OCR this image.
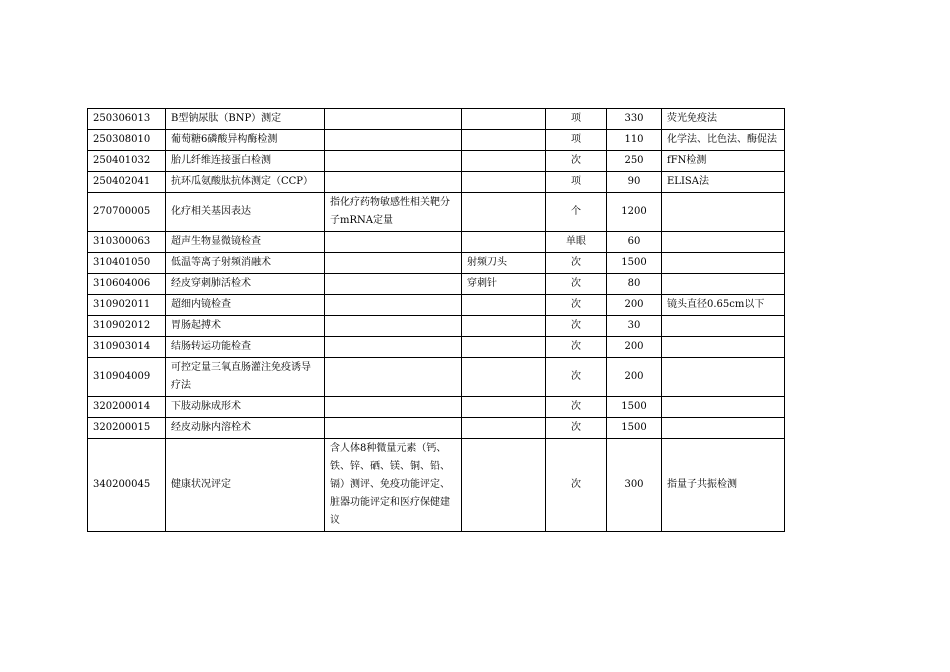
250306013	B型钠尿肽（BNP）测定			项	330	荧光免疫法
250308010	葡萄糖6磷酸异构酶检测			项	110	化学法、比色法、酶促法
250401032	胎儿纤维连接蛋白检测			次	250	fFN检测
250402041	抗环瓜氨酸肽抗体测定（CCP）			项	90	ELISA法
270700005	化疗相关基因表达	指化疗药物敏感性相关靶分子mRNA定量		个	1200	
310300063	超声生物显微镜检查			单眼	60	
310401050	低温等离子射频消融术		射频刀头	次	1500	
310604006	经皮穿刺肺活检术		穿刺针	次	80	
310902011	超细内镜检查			次	200	镜头直径0.65cm以下
310902012	胃肠起搏术			次	30	
310903014	结肠转运功能检查			次	200	
310904009	可控定量三氧直肠灌注免疫诱导疗法			次	200	
320200014	下肢动脉成形术			次	1500	
320200015	经皮动脉内溶栓术			次	1500	
340200045	健康状况评定	含人体8种微量元素（钙、铁、锌、硒、镁、铜、铅、镉）测评、免疫功能评定、脏器功能评定和医疗保健建议		次	300	指量子共振检测
